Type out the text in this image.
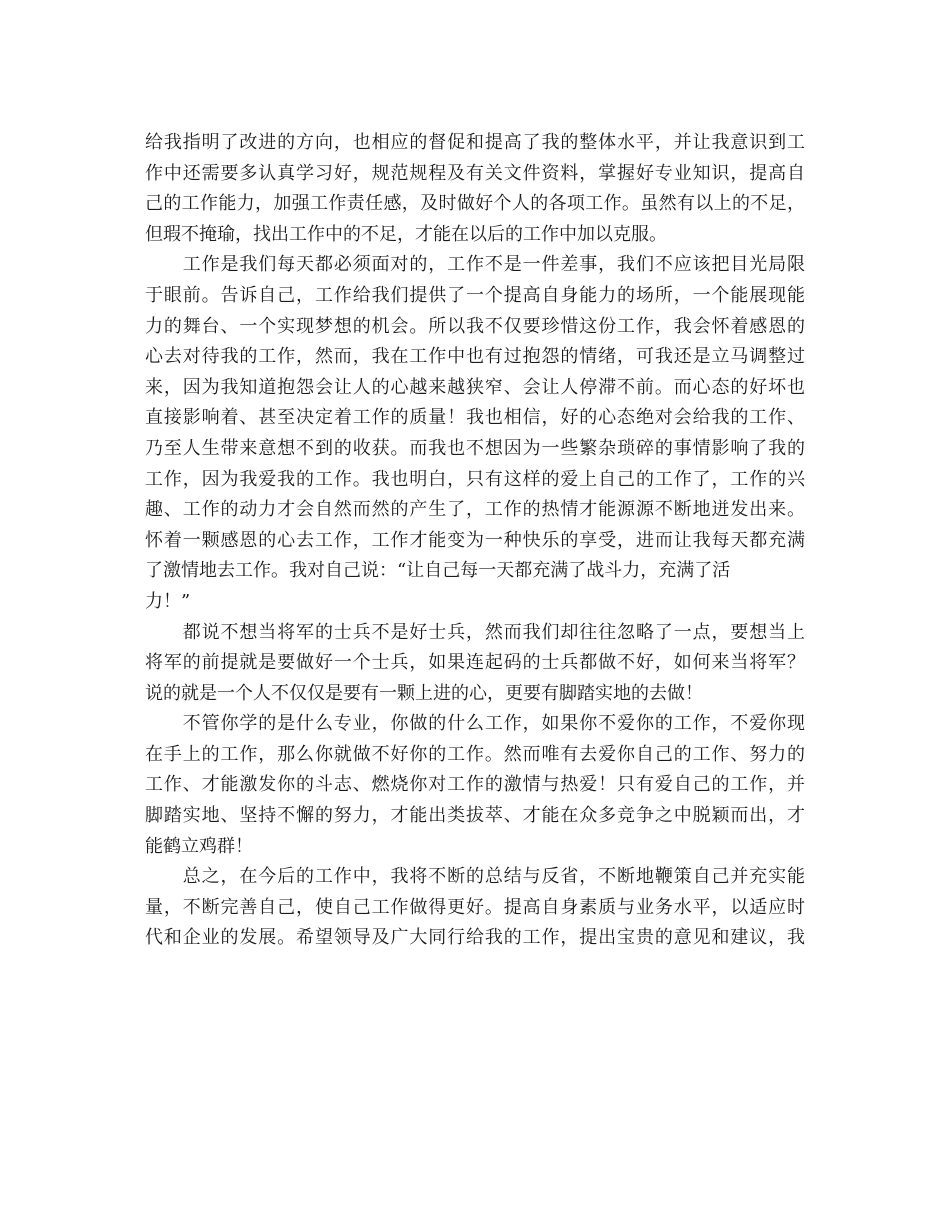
给我指明了改进的方向，也相应的督促和提高了我的整体水平，并让我意识到工
作中还需要多认真学习好，规范规程及有关文件资料，掌握好专业知识，提高自
己的工作能力，加强工作责任感，及时做好个人的各项工作。虽然有以上的不足，
但瑕不掩瑜，找出工作中的不足，才能在以后的工作中加以克服。
　　工作是我们每天都必须面对的，工作不是一件差事，我们不应该把目光局限
于眼前。告诉自己，工作给我们提供了一个提高自身能力的场所，一个能展现能
力的舞台、一个实现梦想的机会。所以我不仅要珍惜这份工作，我会怀着感恩的
心去对待我的工作，然而，我在工作中也有过抱怨的情绪，可我还是立马调整过
来，因为我知道抱怨会让人的心越来越狭窄、会让人停滞不前。而心态的好坏也
直接影响着、甚至决定着工作的质量！我也相信，好的心态绝对会给我的工作、
乃至人生带来意想不到的收获。而我也不想因为一些繁杂琐碎的事情影响了我的
工作，因为我爱我的工作。我也明白，只有这样的爱上自己的工作了，工作的兴
趣、工作的动力才会自然而然的产生了，工作的热情才能源源不断地迸发出来。
怀着一颗感恩的心去工作，工作才能变为一种快乐的享受，进而让我每天都充满
了激情地去工作。我对自己说：“让自己每一天都充满了战斗力，充满了活
力！”
　　都说不想当将军的士兵不是好士兵，然而我们却往往忽略了一点，要想当上
将军的前提就是要做好一个士兵，如果连起码的士兵都做不好，如何来当将军？
说的就是一个人不仅仅是要有一颗上进的心，更要有脚踏实地的去做！
　　不管你学的是什么专业，你做的什么工作，如果你不爱你的工作，不爱你现
在手上的工作，那么你就做不好你的工作。然而唯有去爱你自己的工作、努力的
工作、才能激发你的斗志、燃烧你对工作的激情与热爱！只有爱自己的工作，并
脚踏实地、坚持不懈的努力，才能出类拔萃、才能在众多竞争之中脱颖而出，才
能鹤立鸡群！
　　总之，在今后的工作中，我将不断的总结与反省，不断地鞭策自己并充实能
量，不断完善自己，使自己工作做得更好。提高自身素质与业务水平，以适应时
代和企业的发展。希望领导及广大同行给我的工作，提出宝贵的意见和建议，我
